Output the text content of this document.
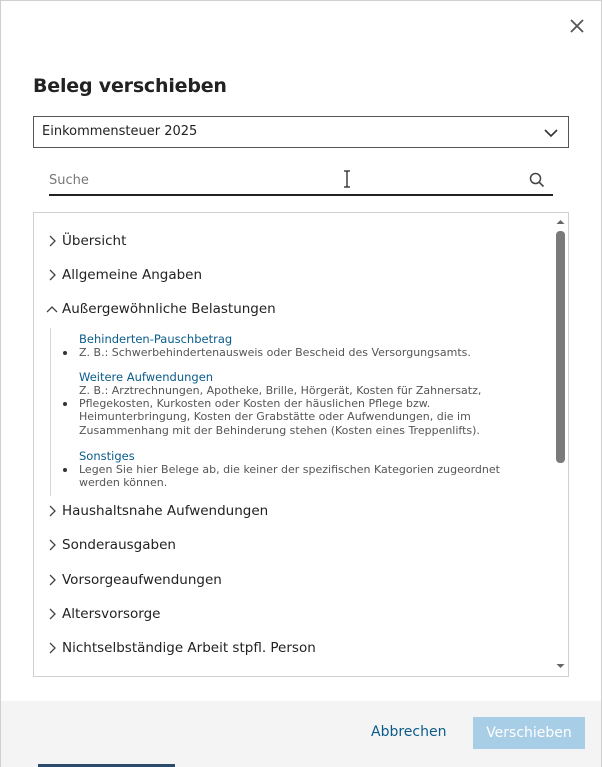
Beleg verschieben
Einkommensteuer 2025
Suche
Übersicht
Allgemeine Angaben
Außergewöhnliche Belastungen
Behinderten-Pauschbetrag
Z. B.: Schwerbehindertenausweis oder Bescheid des Versorgungsamts.
Weitere Aufwendungen
Z. B.: Arztrechnungen, Apotheke, Brille, Hörgerät, Kosten für Zahnersatz,
Pflegekosten, Kurkosten oder Kosten der häuslichen Pflege bzw.
Heimunterbringung, Kosten der Grabstätte oder Aufwendungen, die im
Zusammenhang mit der Behinderung stehen (Kosten eines Treppenlifts).
Sonstiges
Legen Sie hier Belege ab, die keiner der spezifischen Kategorien zugeordnet
werden können.
Haushaltsnahe Aufwendungen
Sonderausgaben
Vorsorgeaufwendungen
Altersvorsorge
Nichtselbständige Arbeit stpfl. Person
Abbrechen	Verschieben
